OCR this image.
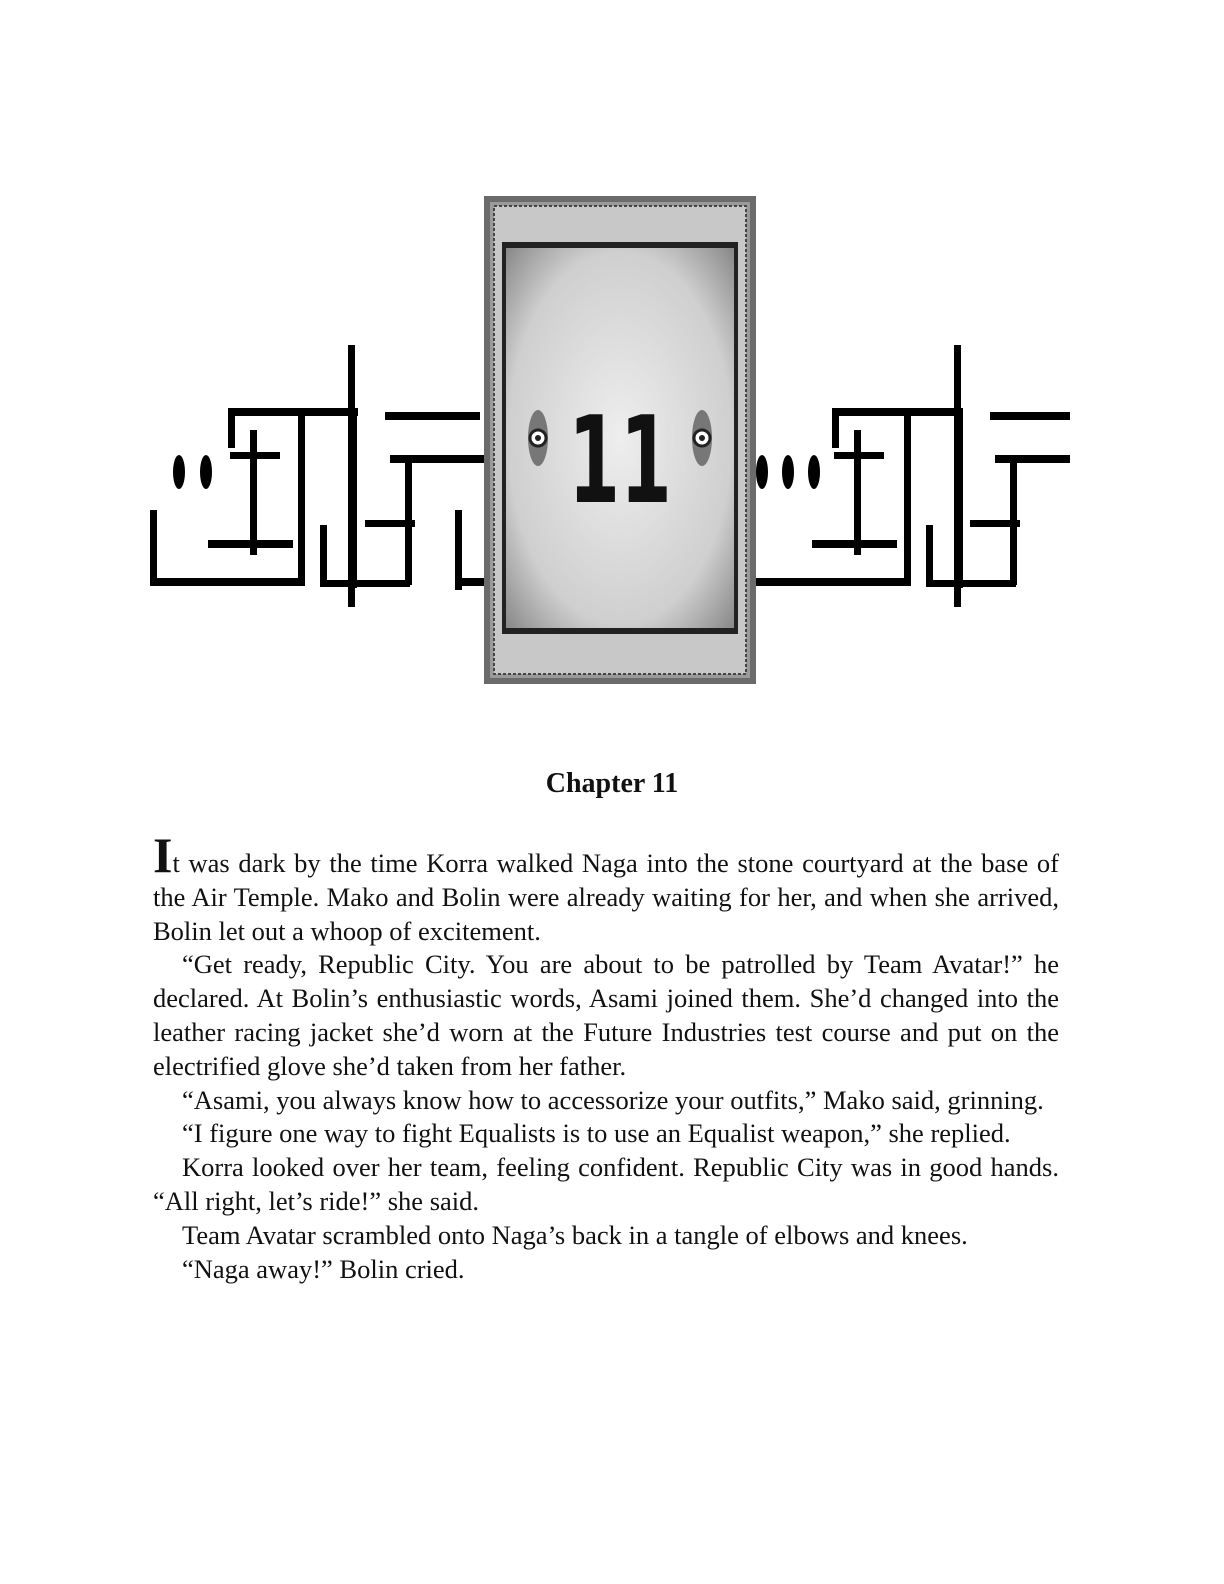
11
Chapter 11

It was dark by the time Korra walked Naga into the stone courtyard at the base of the Air Temple. Mako and Bolin were already waiting for her, and when she arrived, Bolin let out a whoop of excitement.

“Get ready, Republic City. You are about to be patrolled by Team Avatar!” he declared. At Bolin’s enthusiastic words, Asami joined them. She’d changed into the leather racing jacket she’d worn at the Future Industries test course and put on the electrified glove she’d taken from her father.

“Asami, you always know how to accessorize your outfits,” Mako said, grinning.

“I figure one way to fight Equalists is to use an Equalist weapon,” she replied.

Korra looked over her team, feeling confident. Republic City was in good hands. “All right, let’s ride!” she said.

Team Avatar scrambled onto Naga’s back in a tangle of elbows and knees.

“Naga away!” Bolin cried.
